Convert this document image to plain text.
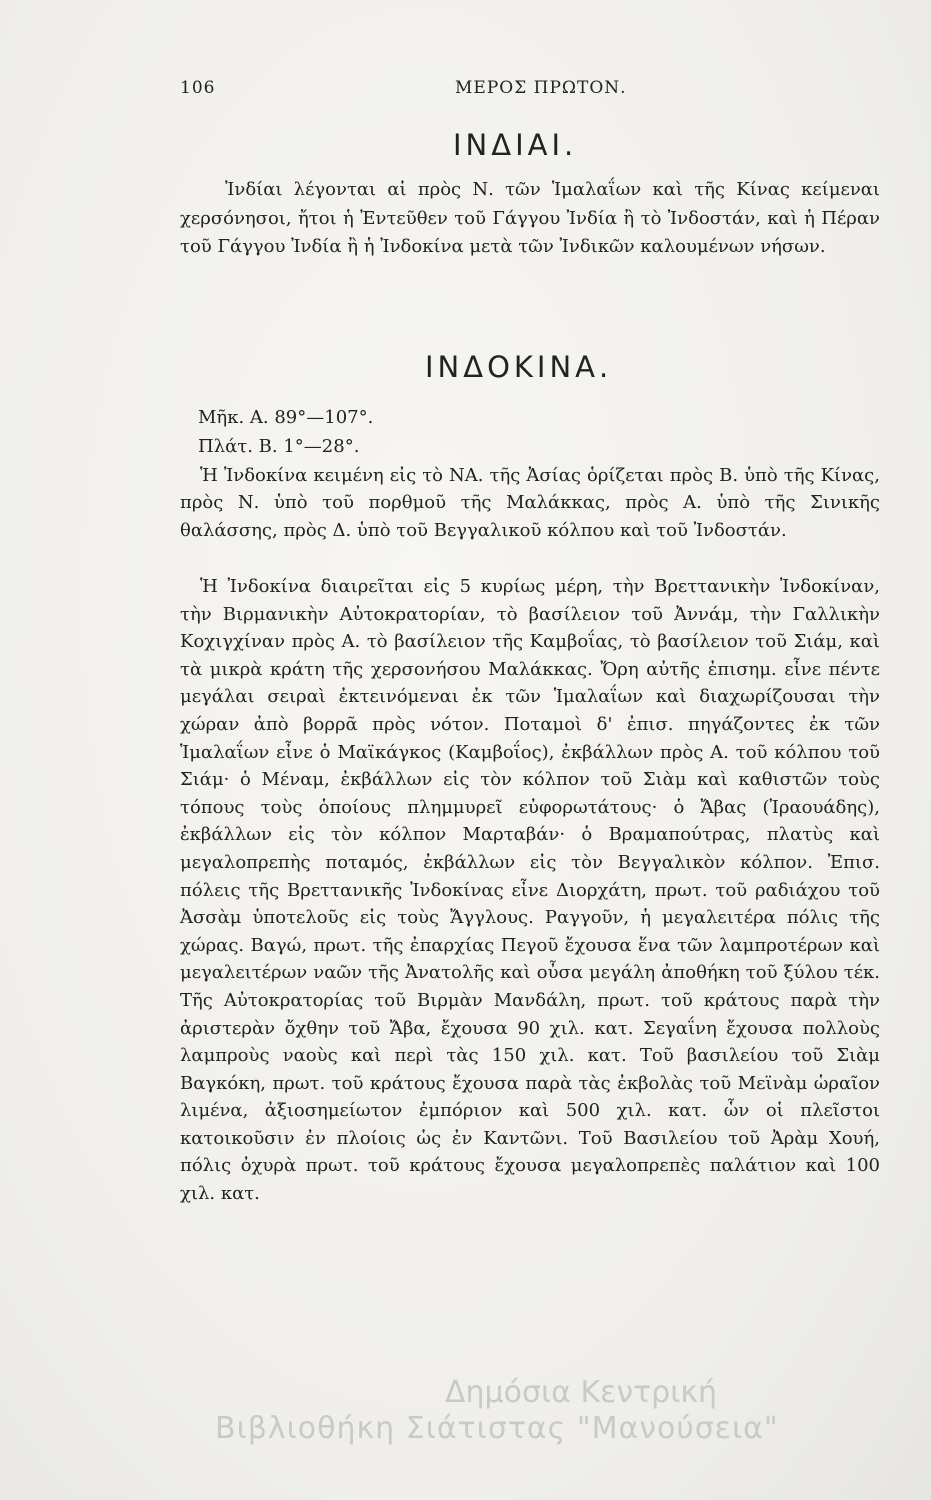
106	ΜΕΡΟΣ ΠΡΩΤΟΝ.
ΙΝΔΙΑΙ.

Ἰνδίαι λέγονται αἱ πρὸς Ν. τῶν Ἱμαλαΐων καὶ τῆς Κίνας κείμεναι χερσόνησοι, ἤτοι ἡ Ἐντεῦθεν τοῦ Γάγγου Ἰνδία ἢ τὸ Ἰνδοστάν, καὶ ἡ Πέραν τοῦ Γάγγου Ἰνδία ἢ ἡ Ἰνδοκίνα μετὰ τῶν Ἰνδικῶν καλουμένων νήσων.

ΙΝΔΟΚΙΝΑ.
Μῆκ. Α. 89°—107°.
Πλάτ. Β. 1°—28°.

Ἡ Ἰνδοκίνα κειμένη εἰς τὸ ΝΑ. τῆς Ἀσίας ὁρίζεται πρὸς Β. ὑπὸ τῆς Κίνας, πρὸς Ν. ὑπὸ τοῦ πορθμοῦ τῆς Μαλάκκας, πρὸς Α. ὑπὸ τῆς Σινικῆς θαλάσσης, πρὸς Δ. ὑπὸ τοῦ Βεγγαλικοῦ κόλπου καὶ τοῦ Ἰνδοστάν.

Ἡ Ἰνδοκίνα διαιρεῖται εἰς 5 κυρίως μέρη, τὴν Βρεττανικὴν Ἰνδοκίναν, τὴν Βιρμανικὴν Αὐτοκρατορίαν, τὸ βασίλειον τοῦ Ἀννάμ, τὴν Γαλλικὴν Κοχιγχίναν πρὸς Α. τὸ βασίλειον τῆς Καμβοΐας, τὸ βασίλειον τοῦ Σιάμ, καὶ τὰ μικρὰ κράτη τῆς χερσονήσου Μαλάκκας. Ὄρη αὐτῆς ἐπισημ. εἶνε πέντε μεγάλαι σειραὶ ἐκτεινόμεναι ἐκ τῶν Ἱμαλαΐων καὶ διαχωρίζουσαι τὴν χώραν ἀπὸ βορρᾶ πρὸς νότον. Ποταμοὶ δ' ἐπισ. πηγάζοντες ἐκ τῶν Ἱμαλαΐων εἶνε ὁ Μαϊκάγκος (Καμβοΐος), ἐκβάλλων πρὸς Α. τοῦ κόλπου τοῦ Σιάμ· ὁ Μέναμ, ἐκβάλλων εἰς τὸν κόλπον τοῦ Σιὰμ καὶ καθιστῶν τοὺς τόπους τοὺς ὁποίους πλημμυρεῖ εὐφορωτάτους· ὁ Ἄβας (Ἰραουάδης), ἐκβάλλων εἰς τὸν κόλπον Μαρταβάν· ὁ Βραμαπούτρας, πλατὺς καὶ μεγαλοπρεπὴς ποταμός, ἐκβάλλων εἰς τὸν Βεγγαλικὸν κόλπον. Ἐπισ. πόλεις τῆς Βρεττανικῆς Ἰνδοκίνας εἶνε Διορχάτη, πρωτ. τοῦ ραδιάχου τοῦ Ἀσσὰμ ὑποτελοῦς εἰς τοὺς Ἄγγλους. Ραγγοῦν, ἡ μεγαλειτέρα πόλις τῆς χώρας. Βαγώ, πρωτ. τῆς ἐπαρχίας Πεγοῦ ἔχουσα ἕνα τῶν λαμπροτέρων καὶ μεγαλειτέρων ναῶν τῆς Ἀνατολῆς καὶ οὖσα μεγάλη ἀποθήκη τοῦ ξύλου τέκ. Τῆς Αὐτοκρατορίας τοῦ Βιρμὰν Μανδάλη, πρωτ. τοῦ κράτους παρὰ τὴν ἀριστερὰν ὄχθην τοῦ Ἄβα, ἔχουσα 90 χιλ. κατ. Σεγαΐνη ἔχουσα πολλοὺς λαμπροὺς ναοὺς καὶ περὶ τὰς 150 χιλ. κατ. Τοῦ βασιλείου τοῦ Σιὰμ Βαγκόκη, πρωτ. τοῦ κράτους ἔχουσα παρὰ τὰς ἐκβολὰς τοῦ Μεϊνὰμ ὡραῖον λιμένα, ἀξιοσημείωτον ἐμπόριον καὶ 500 χιλ. κατ. ὧν οἱ πλεῖστοι κατοικοῦσιν ἐν πλοίοις ὡς ἐν Καντῶνι. Τοῦ Βασιλείου τοῦ Ἀρὰμ Χουή, πόλις ὀχυρὰ πρωτ. τοῦ κράτους ἔχουσα μεγαλοπρεπὲς παλάτιον καὶ 100 χιλ. κατ.

Δημόσια Κεντρική
Βιβλιοθήκη Σιάτιστας "Μανούσεια"
